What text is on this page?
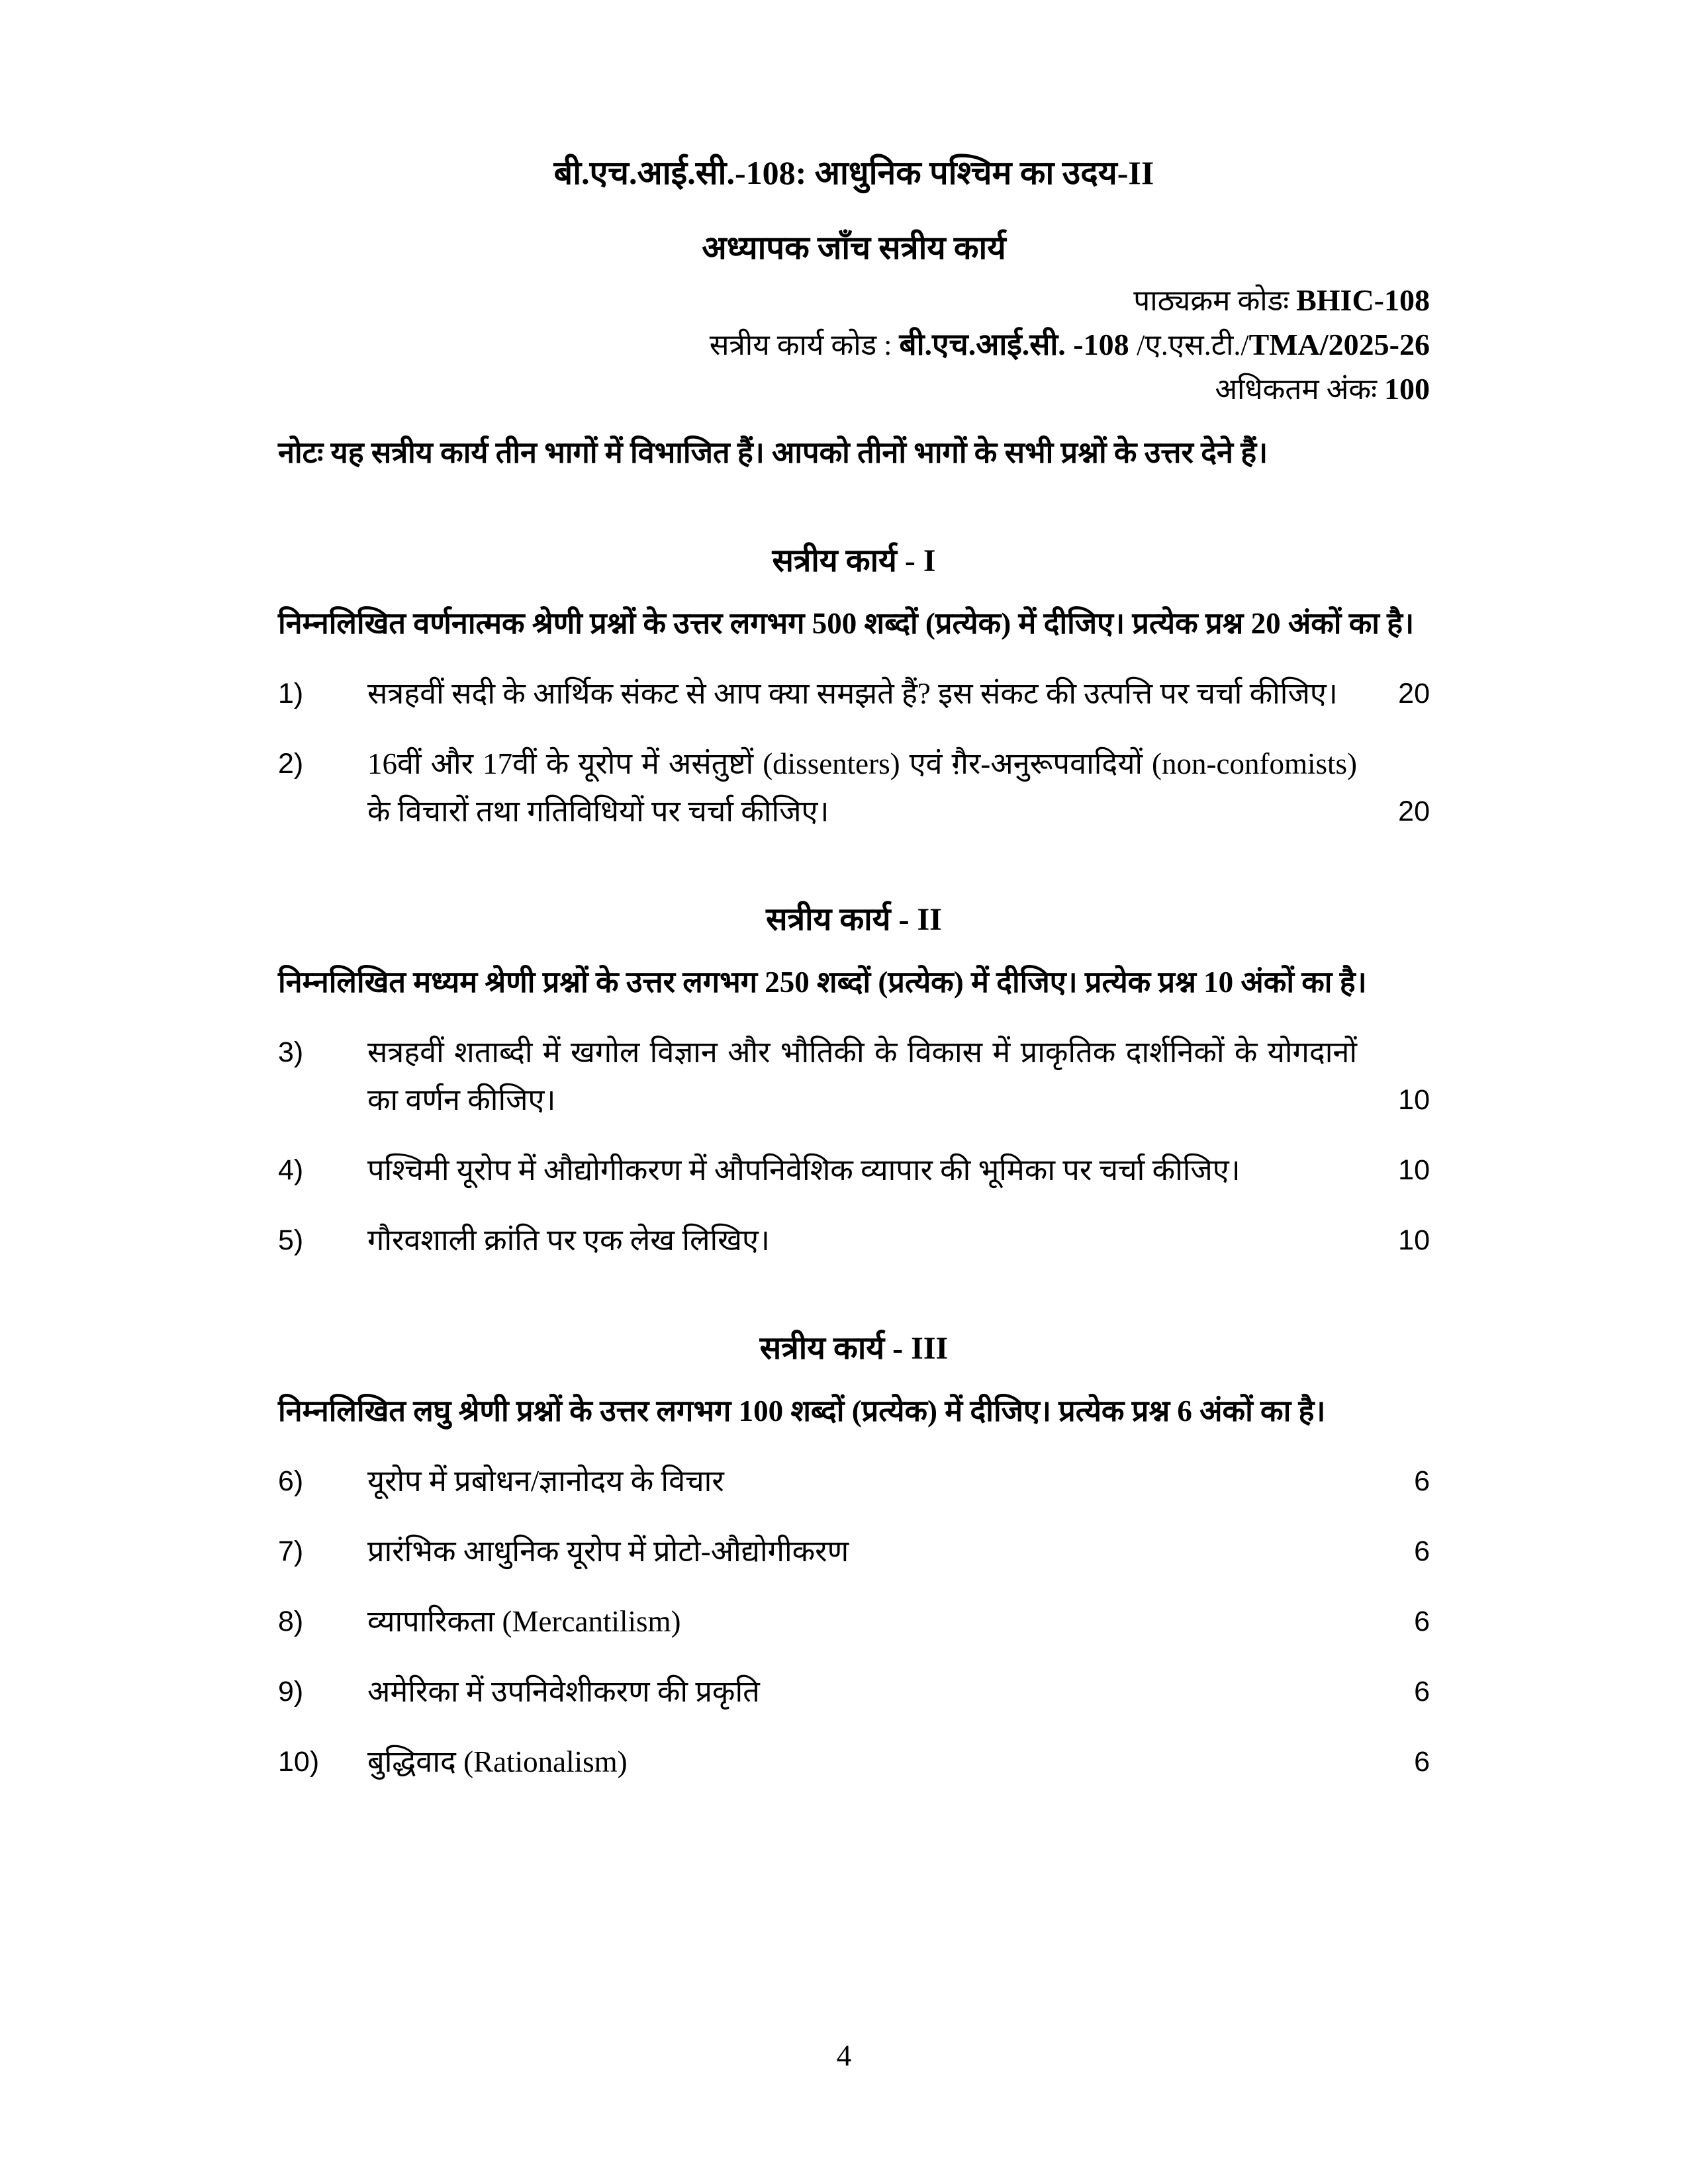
बी.एच.आई.सी.-108: आधुनिक पश्चिम का उदय-II
अध्यापक जाँच सत्रीय कार्य
पाठ्यक्रम कोडः BHIC-108
सत्रीय कार्य कोड : बी.एच.आई.सी. -108 /ए.एस.टी./TMA/2025-26
अधिकतम अंकः 100

नोटः यह सत्रीय कार्य तीन भागों में विभाजित हैं। आपको तीनों भागों के सभी प्रश्नों के उत्तर देने हैं।

सत्रीय कार्य - I

निम्नलिखित वर्णनात्मक श्रेणी प्रश्नों के उत्तर लगभग 500 शब्दों (प्रत्येक) में दीजिए। प्रत्येक प्रश्न 20 अंकों का है।

1)	सत्रहवीं सदी के आर्थिक संकट से आप क्या समझते हैं? इस संकट की उत्पत्ति पर चर्चा कीजिए।	20
2)	16वीं और 17वीं के यूरोप में असंतुष्टों (dissenters) एवं ग़ैर-अनुरूपवादियों (non-confomists) के विचारों तथा गतिविधियों पर चर्चा कीजिए।	20
सत्रीय कार्य - II

निम्नलिखित मध्यम श्रेणी प्रश्नों के उत्तर लगभग 250 शब्दों (प्रत्येक) में दीजिए। प्रत्येक प्रश्न 10 अंकों का है।

3)	सत्रहवीं शताब्दी में खगोल विज्ञान और भौतिकी के विकास में प्राकृतिक दार्शनिकों के योगदानों का वर्णन कीजिए।	10
4)	पश्चिमी यूरोप में औद्योगीकरण में औपनिवेशिक व्यापार की भूमिका पर चर्चा कीजिए।	10
5)	गौरवशाली क्रांति पर एक लेख लिखिए।	10
सत्रीय कार्य - III

निम्नलिखित लघु श्रेणी प्रश्नों के उत्तर लगभग 100 शब्दों (प्रत्येक) में दीजिए। प्रत्येक प्रश्न 6 अंकों का है।

6)	यूरोप में प्रबोधन/ज्ञानोदय के विचार	6
7)	प्रारंभिक आधुनिक यूरोप में प्रोटो-औद्योगीकरण	6
8)	व्यापारिकता (Mercantilism)	6
9)	अमेरिका में उपनिवेशीकरण की प्रकृति	6
10)	बुद्धिवाद (Rationalism)	6
4
